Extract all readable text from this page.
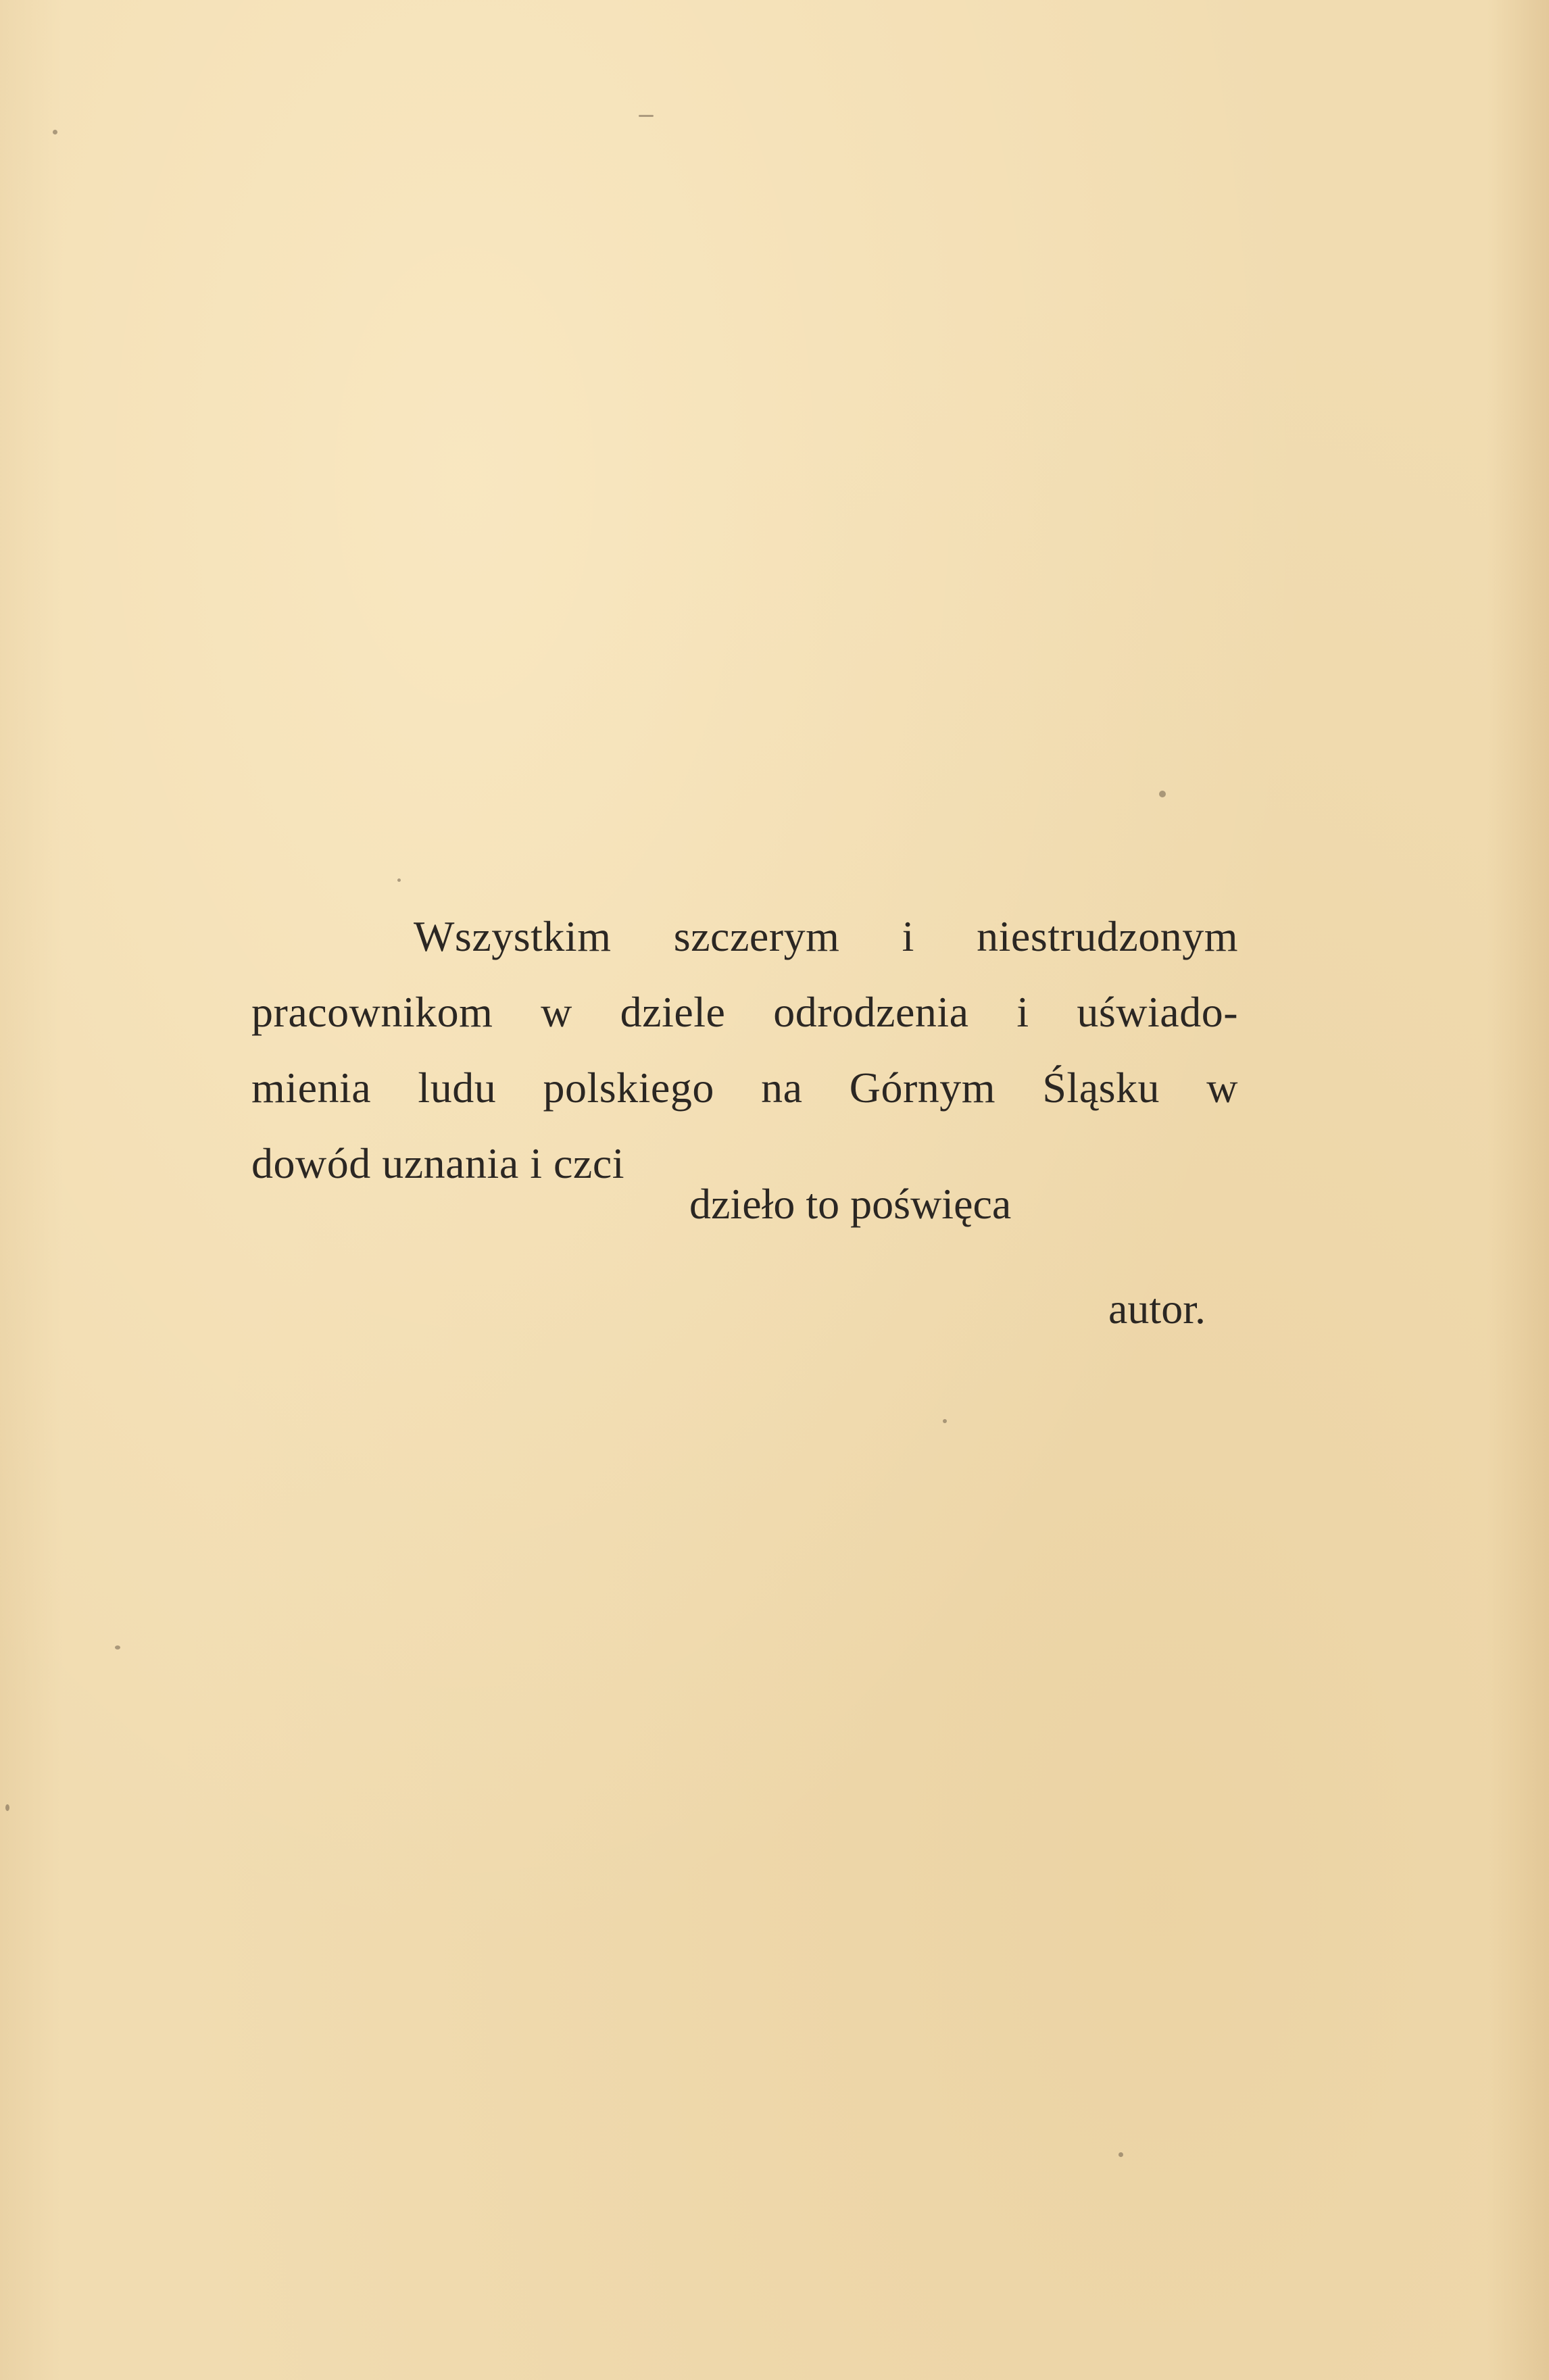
Wszystkim szczerym i niestrudzonym
pracownikom w dziele odrodzenia i uświado-
mienia ludu polskiego na Górnym Śląsku w
dowód uznania i czci
dzieło to poświęca
autor.
